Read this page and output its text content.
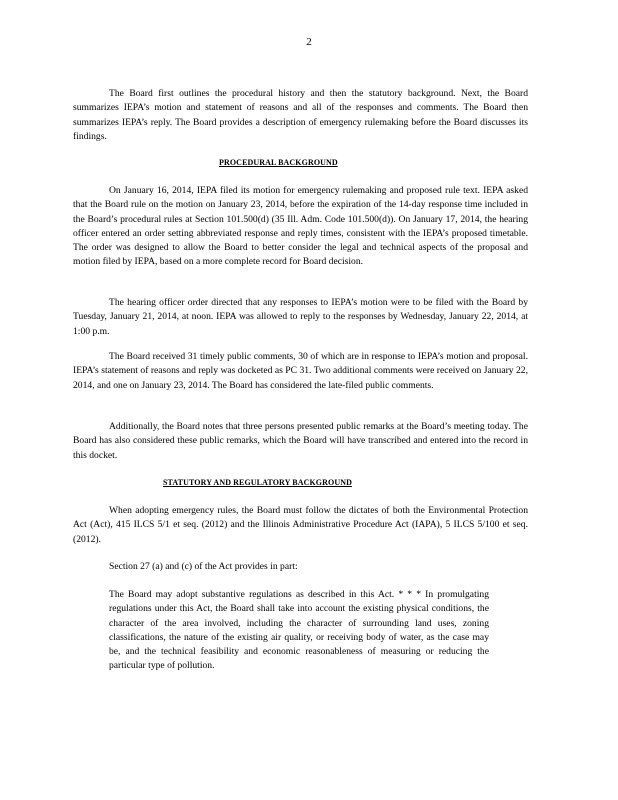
2

The Board first outlines the procedural history and then the statutory background. Next, the Board summarizes IEPA’s motion and statement of reasons and all of the responses and comments. The Board then summarizes IEPA’s reply. The Board provides a description of emergency rulemaking before the Board discusses its findings.

PROCEDURAL BACKGROUND

On January 16, 2014, IEPA filed its motion for emergency rulemaking and proposed rule text. IEPA asked that the Board rule on the motion on January 23, 2014, before the expiration of the 14-day response time included in the Board’s procedural rules at Section 101.500(d) (35 Ill. Adm. Code 101.500(d)). On January 17, 2014, the hearing officer entered an order setting abbreviated response and reply times, consistent with the IEPA’s proposed timetable. The order was designed to allow the Board to better consider the legal and technical aspects of the proposal and motion filed by IEPA, based on a more complete record for Board decision.

The hearing officer order directed that any responses to IEPA’s motion were to be filed with the Board by Tuesday, January 21, 2014, at noon. IEPA was allowed to reply to the responses by Wednesday, January 22, 2014, at 1:00 p.m.

The Board received 31 timely public comments, 30 of which are in response to IEPA’s motion and proposal. IEPA’s statement of reasons and reply was docketed as PC 31. Two additional comments were received on January 22, 2014, and one on January 23, 2014. The Board has considered the late-filed public comments.

Additionally, the Board notes that three persons presented public remarks at the Board’s meeting today. The Board has also considered these public remarks, which the Board will have transcribed and entered into the record in this docket.

STATUTORY AND REGULATORY BACKGROUND

When adopting emergency rules, the Board must follow the dictates of both the Environmental Protection Act (Act), 415 ILCS 5/1 et seq. (2012) and the Illinois Administrative Procedure Act (IAPA), 5 ILCS 5/100 et seq. (2012).

Section 27 (a) and (c) of the Act provides in part:

The Board may adopt substantive regulations as described in this Act. * * * In promulgating regulations under this Act, the Board shall take into account the existing physical conditions, the character of the area involved, including the character of surrounding land uses, zoning classifications, the nature of the existing air quality, or receiving body of water, as the case may be, and the technical feasibility and economic reasonableness of measuring or reducing the particular type of pollution.
